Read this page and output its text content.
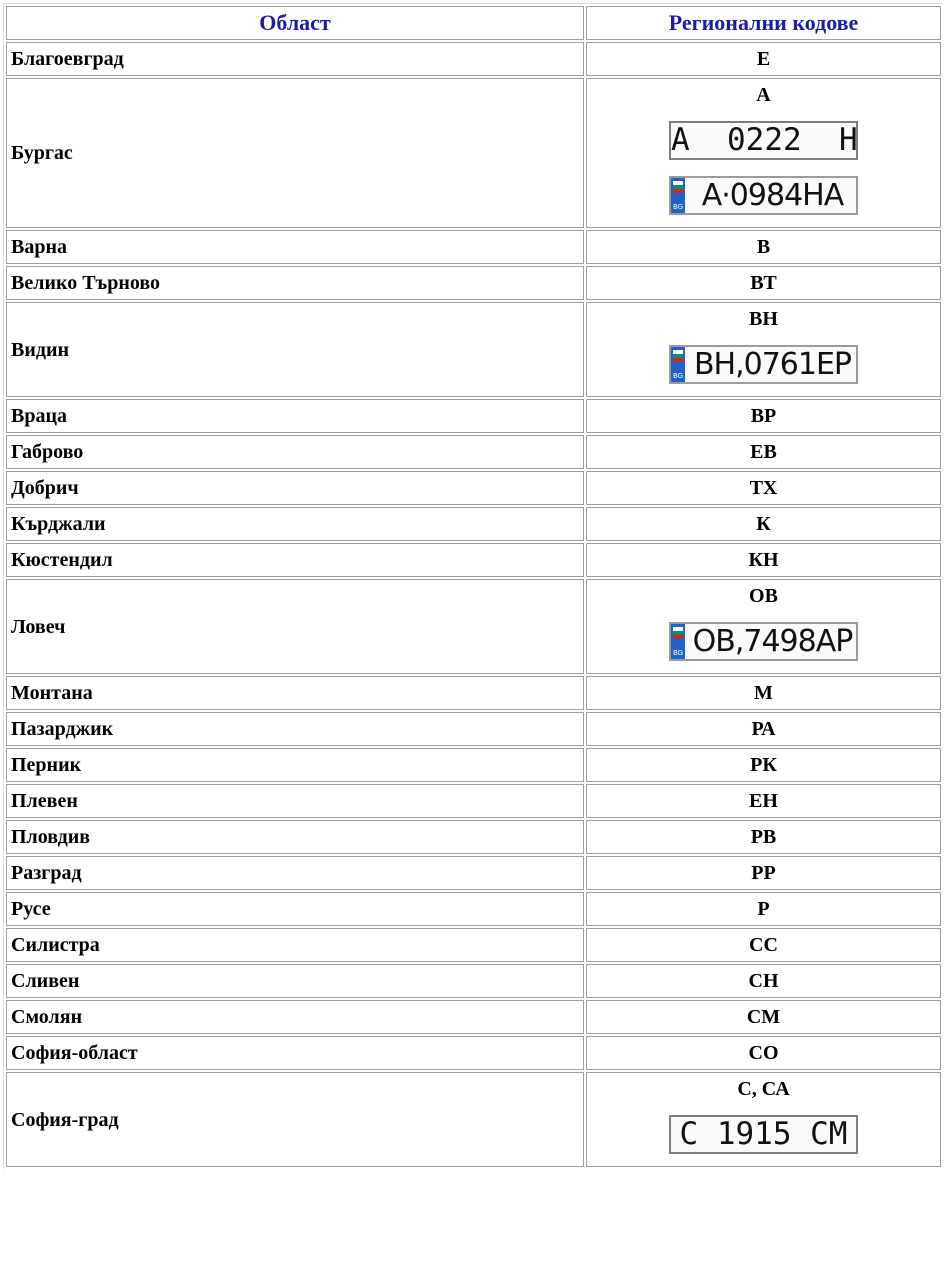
Област	Регионални кодове
Благоевград	Е

Бургас	А
A  0222  H

BG A·0984HA

Варна	В

Велико Търново	ВТ

Видин	ВН
BG BH,0761EP

Враца	ВР

Габрово	ЕВ

Добрич	ТХ

Кърджали	К

Кюстендил	КН

Ловеч	ОВ
BG OB,7498AP

Монтана	М

Пазарджик	РА

Перник	РК

Плевен	ЕН

Пловдив	РВ

Разград	РР

Русе	Р

Силистра	СС

Сливен	СН

Смолян	СМ

София-област	СО

София-град	С, СА
C 1915 CM
